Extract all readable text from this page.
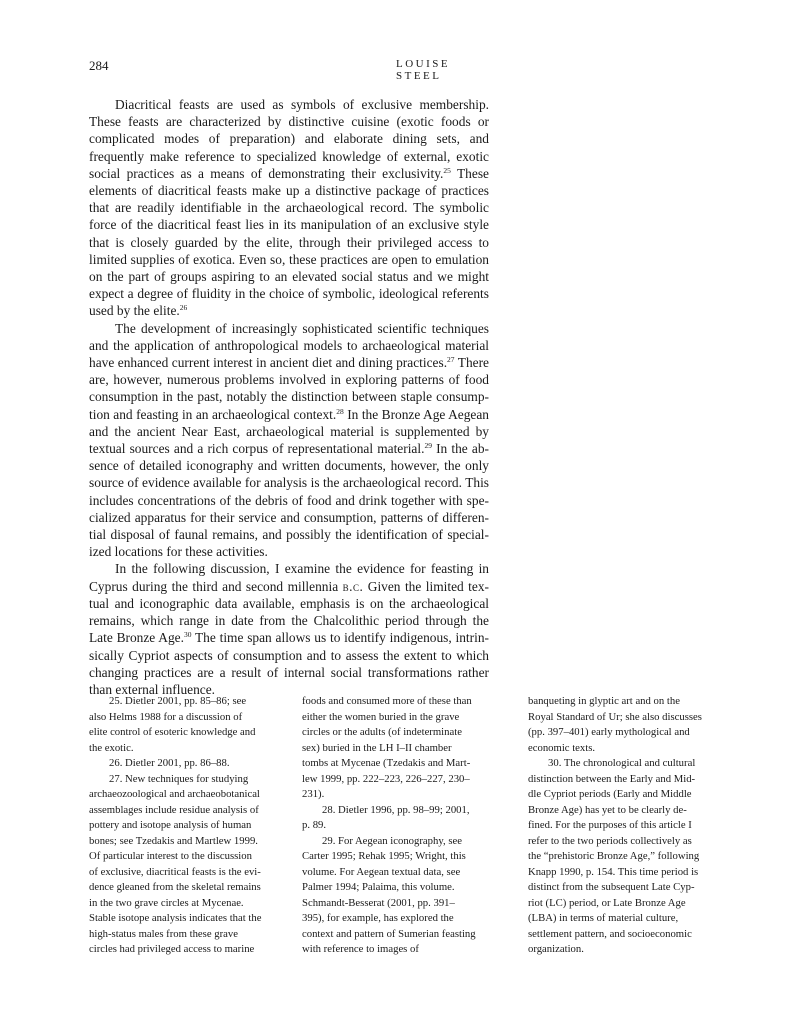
284	LOUISE STEEL

Diacritical feasts are used as symbols of exclusive membership. These feasts are characterized by distinctive cuisine (exotic foods or complicated modes of preparation) and elaborate dining sets, and frequently make reference to specialized knowledge of external, exotic social practices as a means of demonstrating their exclusivity.$^{25}$ These elements of diacritical feasts make up a distinctive package of practices that are readily identifiable in the archaeological record. The symbolic force of the diacritical feast lies in its manipulation of an exclusive style that is closely guarded by the elite, through their privileged access to limited supplies of exotica. Even so, these practices are open to emulation on the part of groups aspiring to an elevated social status and we might expect a degree of fluidity in the choice of symbolic, ideological referents used by the elite.$^{26}$

The development of increasingly sophisticated scientific techniques and the application of anthropological models to archaeological material have enhanced current interest in ancient diet and dining practices.$^{27}$ There are, however, numerous problems involved in exploring patterns of food consumption in the past, notably the distinction between staple consumption and feasting in an archaeological context.$^{28}$ In the Bronze Age Aegean and the ancient Near East, archaeological material is supplemented by textual sources and a rich corpus of representational material.$^{29}$ In the absence of detailed iconography and written documents, however, the only source of evidence available for analysis is the archaeological record. This includes concentrations of the debris of food and drink together with specialized apparatus for their service and consumption, patterns of differential disposal of faunal remains, and possibly the identification of specialized locations for these activities.

In the following discussion, I examine the evidence for feasting in Cyprus during the third and second millennia b.c. Given the limited textual and iconographic data available, emphasis is on the archaeological remains, which range in date from the Chalcolithic period through the Late Bronze Age.$^{30}$ The time span allows us to identify indigenous, intrinsically Cypriot aspects of consumption and to assess the extent to which changing practices are a result of internal social transformations rather than external influence.

25. Dietler 2001, pp. 85–86; see also Helms 1988 for a discussion of elite control of esoteric knowledge and the exotic.

26. Dietler 2001, pp. 86–88.

27. New techniques for studying archaeozoological and archaeobotanical assemblages include residue analysis of pottery and isotope analysis of human bones; see Tzedakis and Martlew 1999. Of particular interest to the discussion of exclusive, diacritical feasts is the evidence gleaned from the skeletal remains in the two grave circles at Mycenae. Stable isotope analysis indicates that the high-status males from these grave circles had privileged access to marine

foods and consumed more of these than either the women buried in the grave circles or the adults (of indeterminate sex) buried in the LH I–II chamber tombs at Mycenae (Tzedakis and Martlew 1999, pp. 222–223, 226–227, 230–231).

28. Dietler 1996, pp. 98–99; 2001, p. 89.

29. For Aegean iconography, see Carter 1995; Rehak 1995; Wright, this volume. For Aegean textual data, see Palmer 1994; Palaima, this volume. Schmandt-Besserat (2001, pp. 391–395), for example, has explored the context and pattern of Sumerian feasting with reference to images of

banqueting in glyptic art and on the Royal Standard of Ur; she also discusses (pp. 397–401) early mythological and economic texts.

30. The chronological and cultural distinction between the Early and Middle Cypriot periods (Early and Middle Bronze Age) has yet to be clearly defined. For the purposes of this article I refer to the two periods collectively as the “prehistoric Bronze Age,” following Knapp 1990, p. 154. This time period is distinct from the subsequent Late Cypriot (LC) period, or Late Bronze Age (LBA) in terms of material culture, settlement pattern, and socioeconomic organization.
